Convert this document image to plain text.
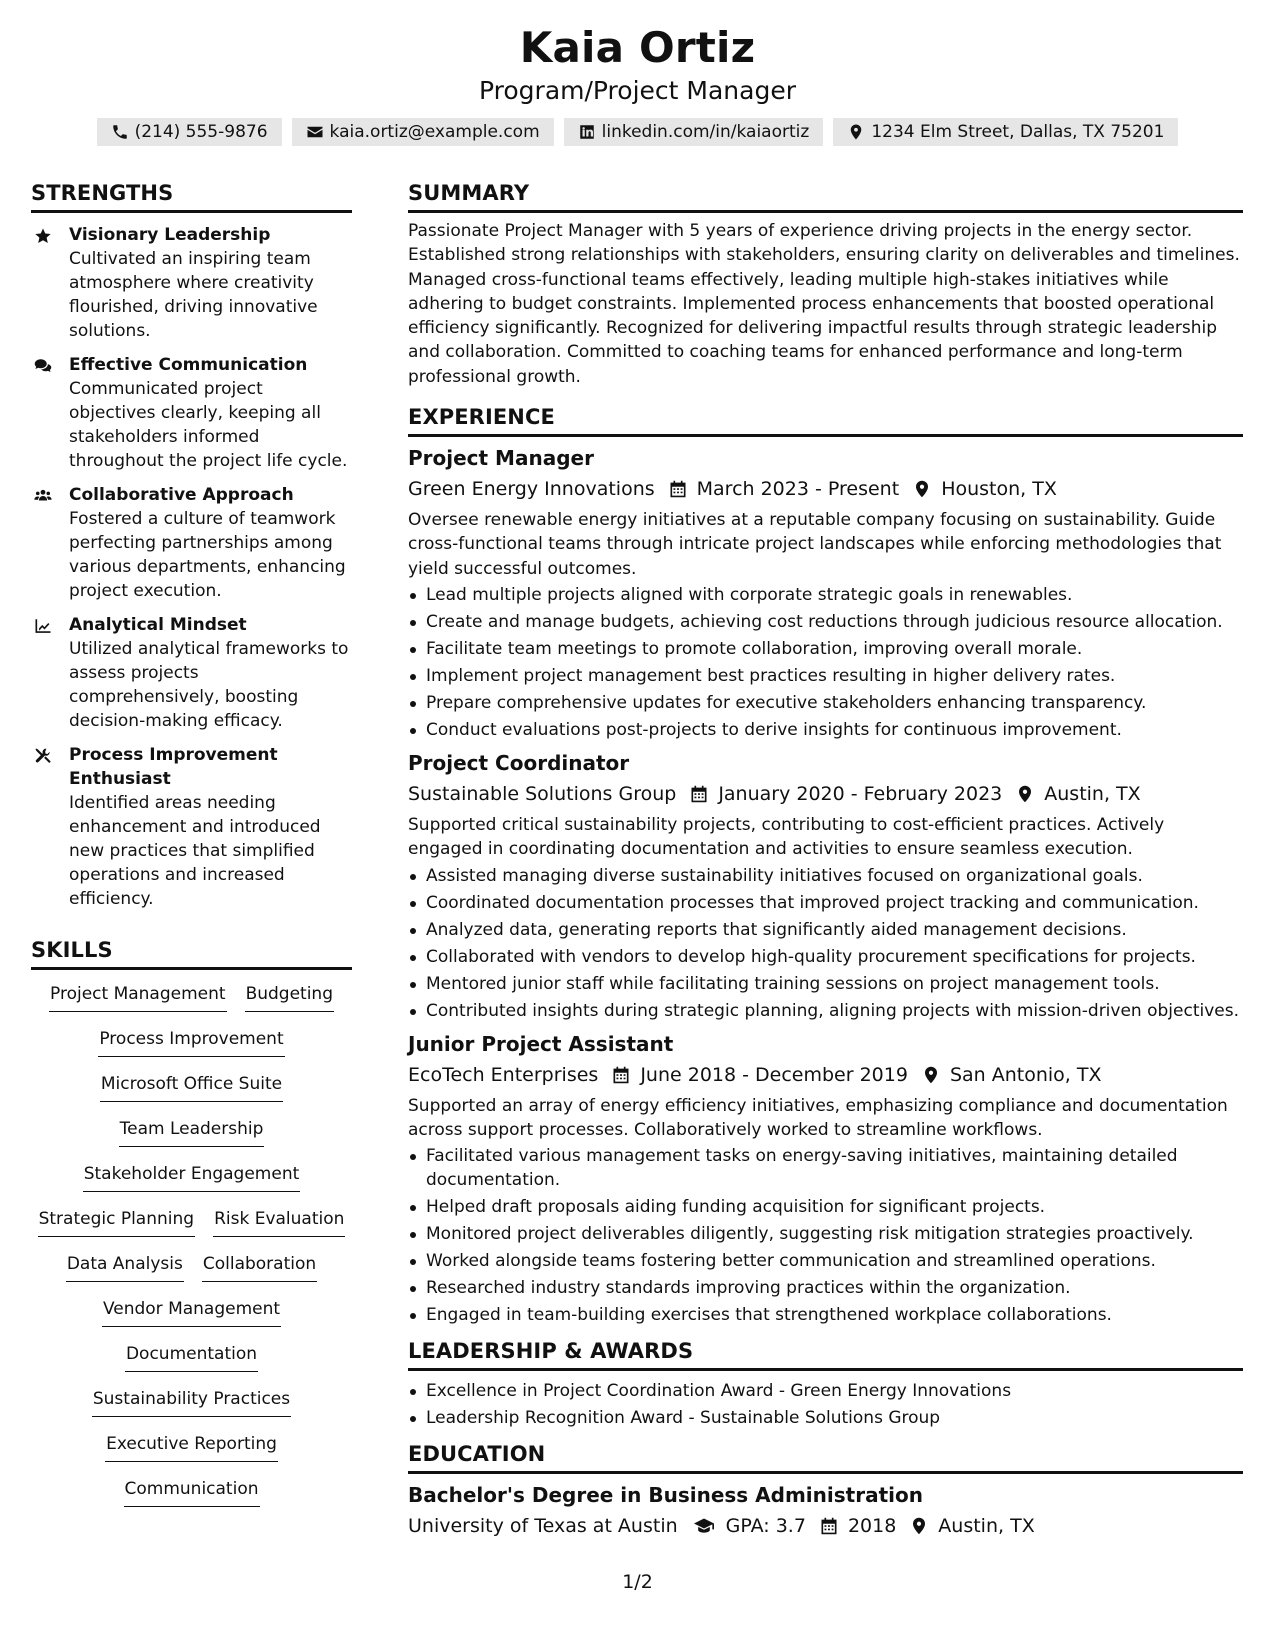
Kaia Ortiz
Program/Project Manager
(214) 555-9876	kaia.ortiz@example.com	linkedin.com/in/kaiaortiz	1234 Elm Street, Dallas, TX 75201
STRENGTHS
Visionary Leadership
Cultivated an inspiring team atmosphere where creativity flourished, driving innovative solutions.
Effective Communication
Communicated project objectives clearly, keeping all stakeholders informed throughout the project life cycle.
Collaborative Approach
Fostered a culture of teamwork perfecting partnerships among various departments, enhancing project execution.
Analytical Mindset
Utilized analytical frameworks to assess projects comprehensively, boosting decision-making efficacy.
Process Improvement Enthusiast
Identified areas needing enhancement and introduced new practices that simplified operations and increased efficiency.
SKILLS
Project Management Budgeting
Process Improvement
Microsoft Office Suite
Team Leadership
Stakeholder Engagement
Strategic Planning Risk Evaluation
Data Analysis Collaboration
Vendor Management
Documentation
Sustainability Practices
Executive Reporting
Communication
SUMMARY
Passionate Project Manager with 5 years of experience driving projects in the energy sector. Established strong relationships with stakeholders, ensuring clarity on deliverables and timelines. Managed cross-functional teams effectively, leading multiple high-stakes initiatives while adhering to budget constraints. Implemented process enhancements that boosted operational efficiency significantly. Recognized for delivering impactful results through strategic leadership and collaboration. Committed to coaching teams for enhanced performance and long-term professional growth.
EXPERIENCE
Project Manager
Green Energy Innovations March 2023 - Present Houston, TX
Oversee renewable energy initiatives at a reputable company focusing on sustainability. Guide cross-functional teams through intricate project landscapes while enforcing methodologies that yield successful outcomes.
Lead multiple projects aligned with corporate strategic goals in renewables.
Create and manage budgets, achieving cost reductions through judicious resource allocation.
Facilitate team meetings to promote collaboration, improving overall morale.
Implement project management best practices resulting in higher delivery rates.
Prepare comprehensive updates for executive stakeholders enhancing transparency.
Conduct evaluations post-projects to derive insights for continuous improvement.
Project Coordinator
Sustainable Solutions Group January 2020 - February 2023 Austin, TX
Supported critical sustainability projects, contributing to cost-efficient practices. Actively engaged in coordinating documentation and activities to ensure seamless execution.
Assisted managing diverse sustainability initiatives focused on organizational goals.
Coordinated documentation processes that improved project tracking and communication.
Analyzed data, generating reports that significantly aided management decisions.
Collaborated with vendors to develop high-quality procurement specifications for projects.
Mentored junior staff while facilitating training sessions on project management tools.
Contributed insights during strategic planning, aligning projects with mission-driven objectives.
Junior Project Assistant
EcoTech Enterprises June 2018 - December 2019 San Antonio, TX
Supported an array of energy efficiency initiatives, emphasizing compliance and documentation across support processes. Collaboratively worked to streamline workflows.
Facilitated various management tasks on energy-saving initiatives, maintaining detailed documentation.
Helped draft proposals aiding funding acquisition for significant projects.
Monitored project deliverables diligently, suggesting risk mitigation strategies proactively.
Worked alongside teams fostering better communication and streamlined operations.
Researched industry standards improving practices within the organization.
Engaged in team-building exercises that strengthened workplace collaborations.
LEADERSHIP & AWARDS
Excellence in Project Coordination Award - Green Energy Innovations
Leadership Recognition Award - Sustainable Solutions Group
EDUCATION
Bachelor's Degree in Business Administration
University of Texas at Austin	GPA: 3.7 2018 Austin, TX
1/2
